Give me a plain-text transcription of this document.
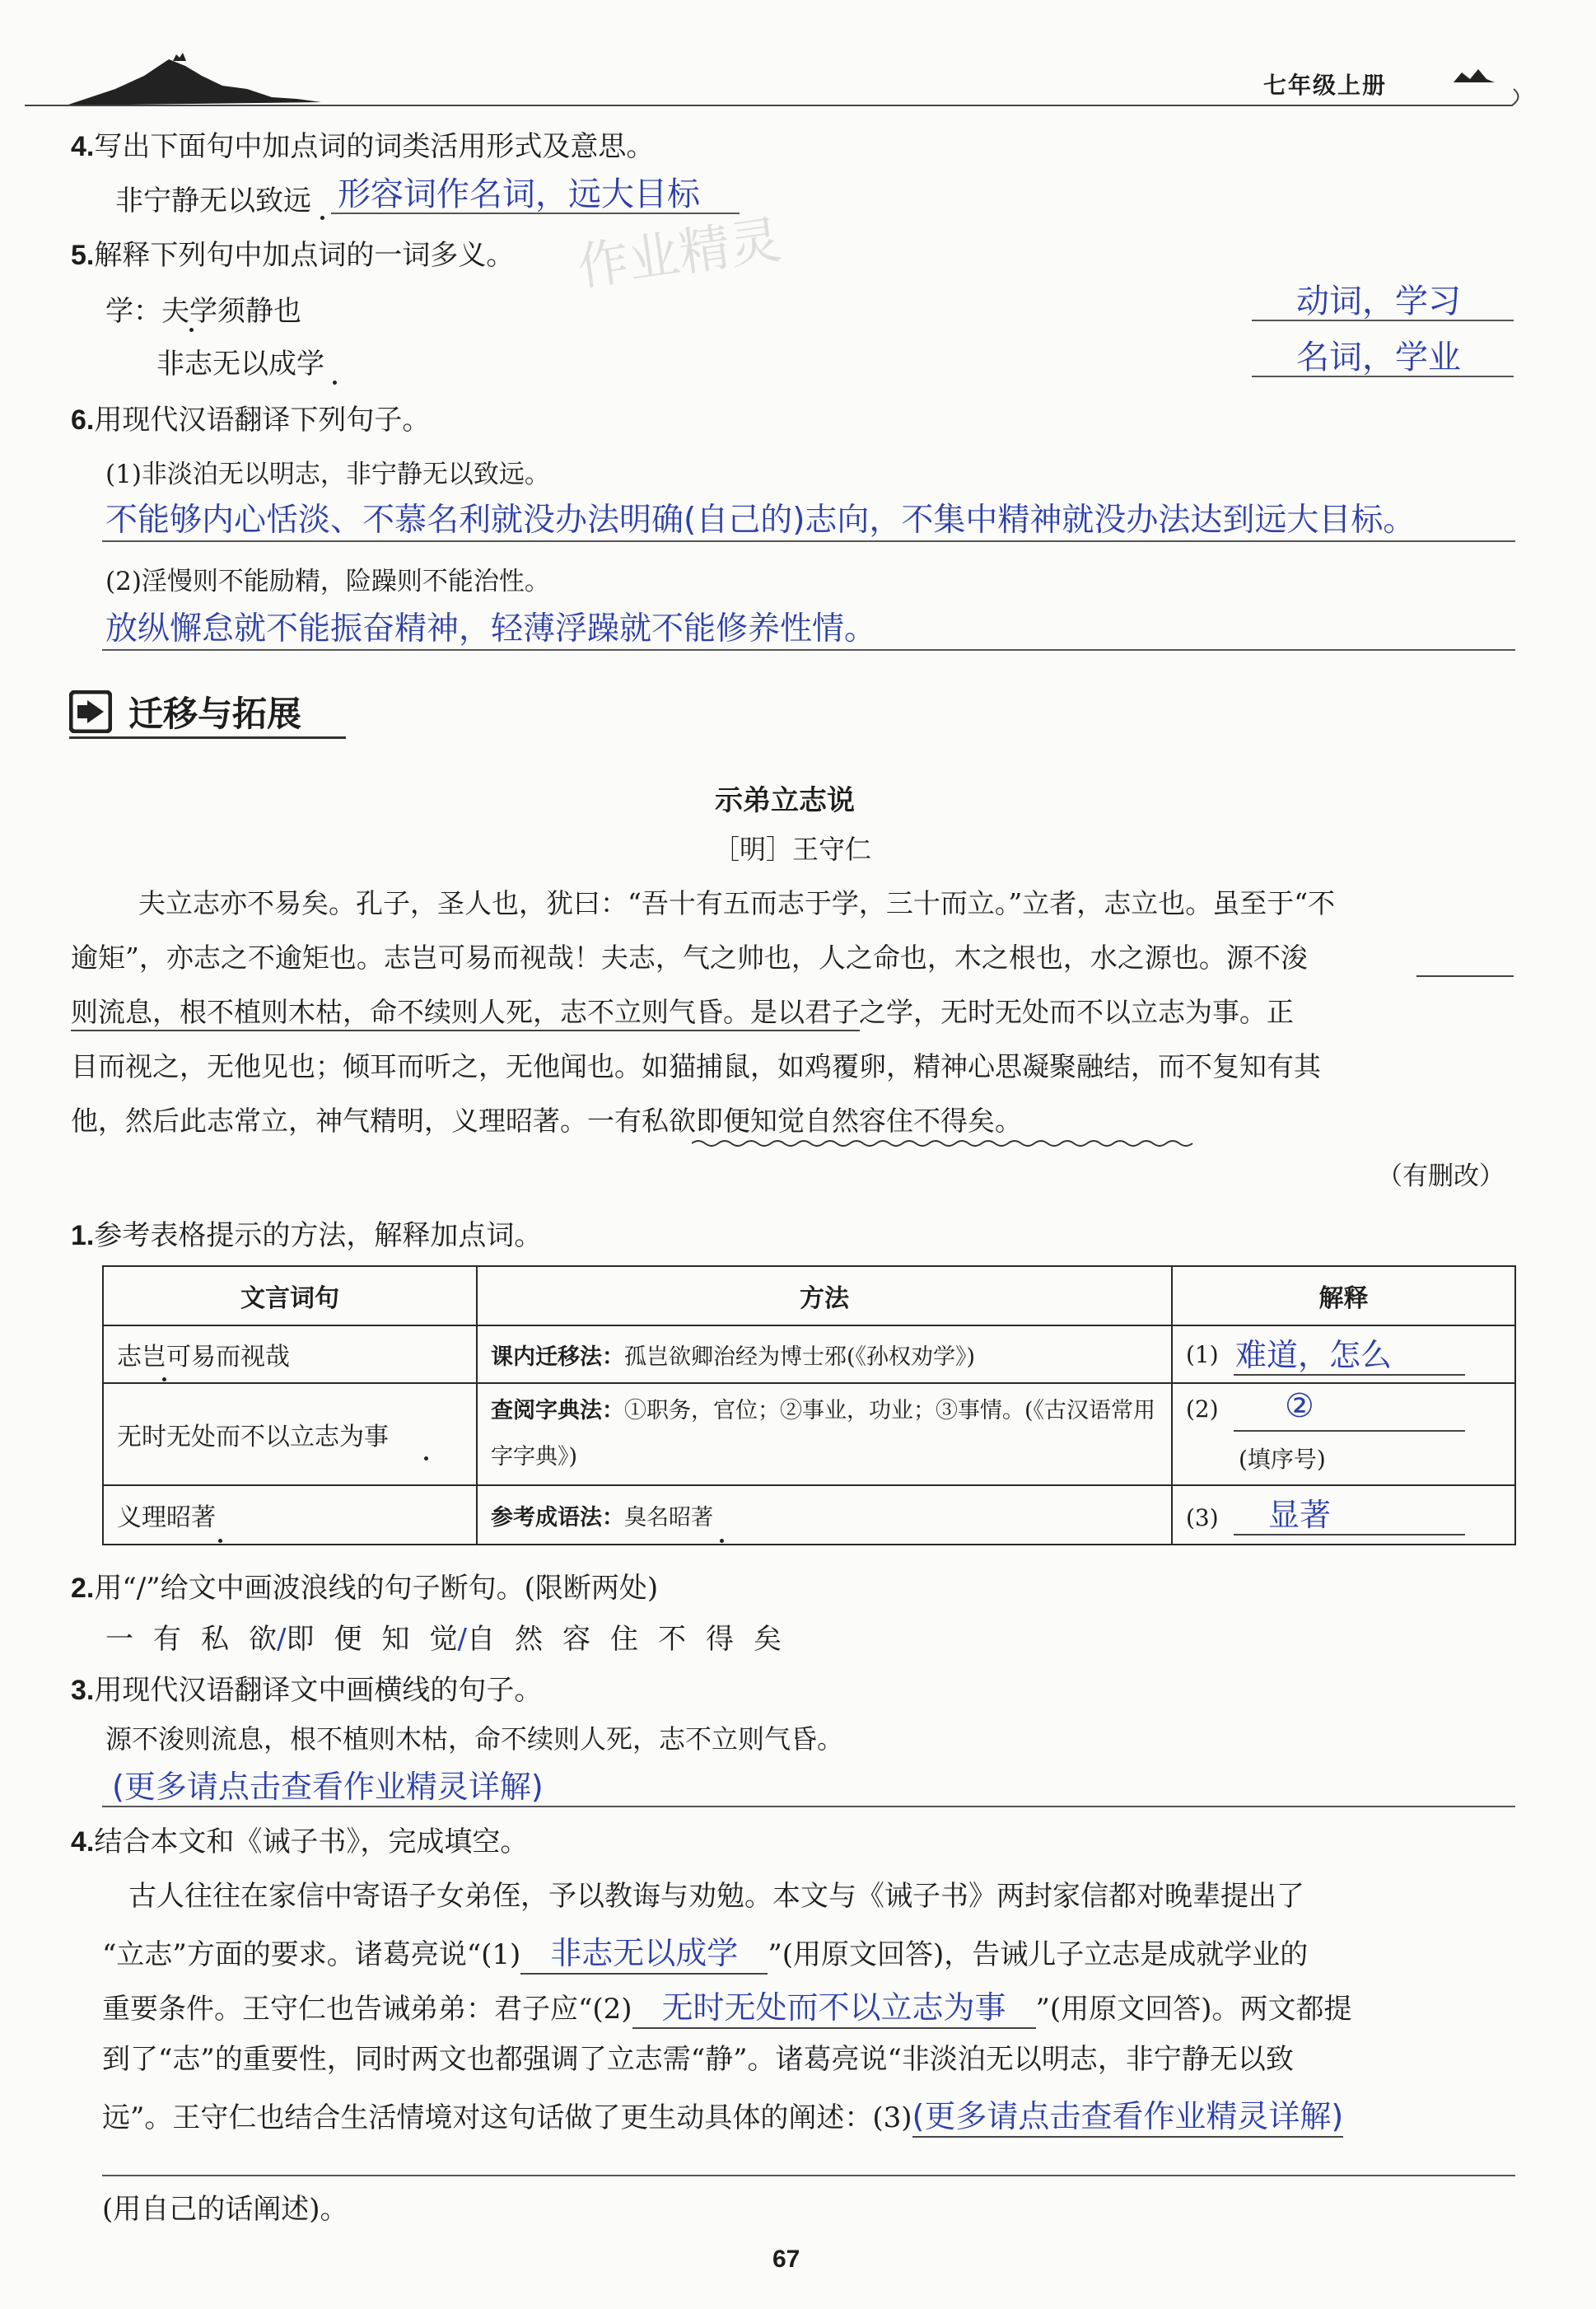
七年级上册
作业精灵
4.写出下面句中加点词的词类活用形式及意思。
非宁静无以致远 形容词作名词，远大目标
5.解释下列句中加点词的一词多义。
学：夫学须静也
非志无以成学
动词，学习
名词，学业
6.用现代汉语翻译下列句子。
(1)非淡泊无以明志，非宁静无以致远。
不能够内心恬淡、不慕名利就没办法明确(自己的)志向，不集中精神就没办法达到远大目标。
(2)淫慢则不能励精，险躁则不能治性。
放纵懈怠就不能振奋精神，轻薄浮躁就不能修养性情。
迁移与拓展
示弟立志说
［明］王守仁
夫立志亦不易矣。孔子，圣人也，犹曰：“吾十有五而志于学，三十而立。”立者，志立也。虽至于“不
逾矩”，亦志之不逾矩也。志岂可易而视哉！夫志，气之帅也，人之命也，木之根也，水之源也。源不浚
则流息，根不植则木枯，命不续则人死，志不立则气昏。是以君子之学，无时无处而不以立志为事。正
目而视之，无他见也；倾耳而听之，无他闻也。如猫捕鼠，如鸡覆卵，精神心思凝聚融结，而不复知有其
他，然后此志常立，神气精明，义理昭著。一有私欲即便知觉自然容住不得矣。
（有删改）
1.参考表格提示的方法，解释加点词。
文言词句	方法	解释
志岂可易而视哉	课内迁移法：孤岂欲卿治经为博士邪(《孙权劝学》)	(1) 难道，怎么

无时无处而不以立志为事	查阅字典法：①职务，官位；②事业，功业；③事情。(《古汉语常用字字典》)	(2) ②
(填序号)

义理昭著	参考成语法：臭名昭著	(3) 显著
2.用“/”给文中画波浪线的句子断句。(限断两处)
一 有 私 欲/即 便 知 觉/自 然 容 住 不 得 矣
3.用现代汉语翻译文中画横线的句子。
源不浚则流息，根不植则木枯，命不续则人死，志不立则气昏。
(更多请点击查看作业精灵详解)
4.结合本文和《诫子书》，完成填空。
古人往往在家信中寄语子女弟侄，予以教诲与劝勉。本文与《诫子书》两封家信都对晚辈提出了
“立志”方面的要求。诸葛亮说“(1) 非志无以成学 ”(用原文回答)，告诫儿子立志是成就学业的
重要条件。王守仁也告诫弟弟：君子应“(2) 无时无处而不以立志为事 ”(用原文回答)。两文都提
到了“志”的重要性，同时两文也都强调了立志需“静”。诸葛亮说“非淡泊无以明志，非宁静无以致
远”。王守仁也结合生活情境对这句话做了更生动具体的阐述：(3)(更多请点击查看作业精灵详解)
(用自己的话阐述)。
67
